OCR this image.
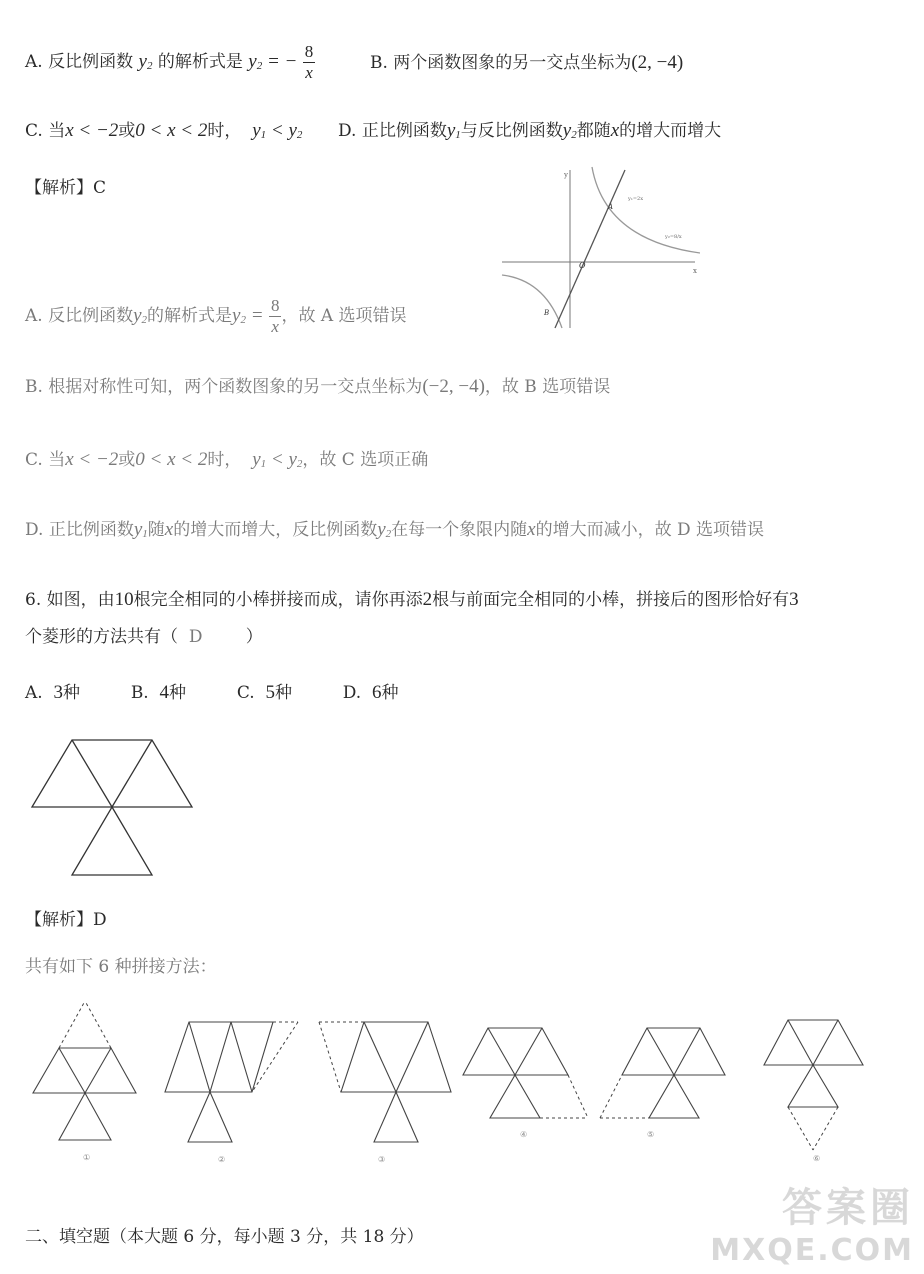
A. 反比例函数 y2 的解析式是 y2 = − $\frac{8}{x}$	B. 两个函数图象的另一交点坐标为(2, −4)
C. 当x < −2或0 < x < 2时， y1 < y2 D. 正比例函数y1与反比例函数y2都随x的增大而增大
【解析】C
y
x
O
A
B
y₁=2x
y₂=8/x
A. 反比例函数y2的解析式是$y2 = \frac{8}{x}$ ，故 A 选项错误
B. 根据对称性可知，两个函数图象的另一交点坐标为(−2, −4)，故 B 选项错误
C. 当x < −2或0 < x < 2时， y1 < y2，故 C 选项正确
D. 正比例函数y1随x的增大而增大，反比例函数y2在每一个象限内随x的增大而减小，故 D 选项错误
6. 如图，由10根完全相同的小棒拼接而成，请你再添2根与前面完全相同的小棒，拼接后的图形恰好有3
个菱形的方法共有（ D	）
A. 3种	B. 4种	C. 5种	D. 6种
【解析】D
共有如下 6 种拼接方法：
①	②	③
④	⑤
⑥
二、填空题（本大题 6 分，每小题 3 分，共 18 分）
答案圈
MXQE.COM
